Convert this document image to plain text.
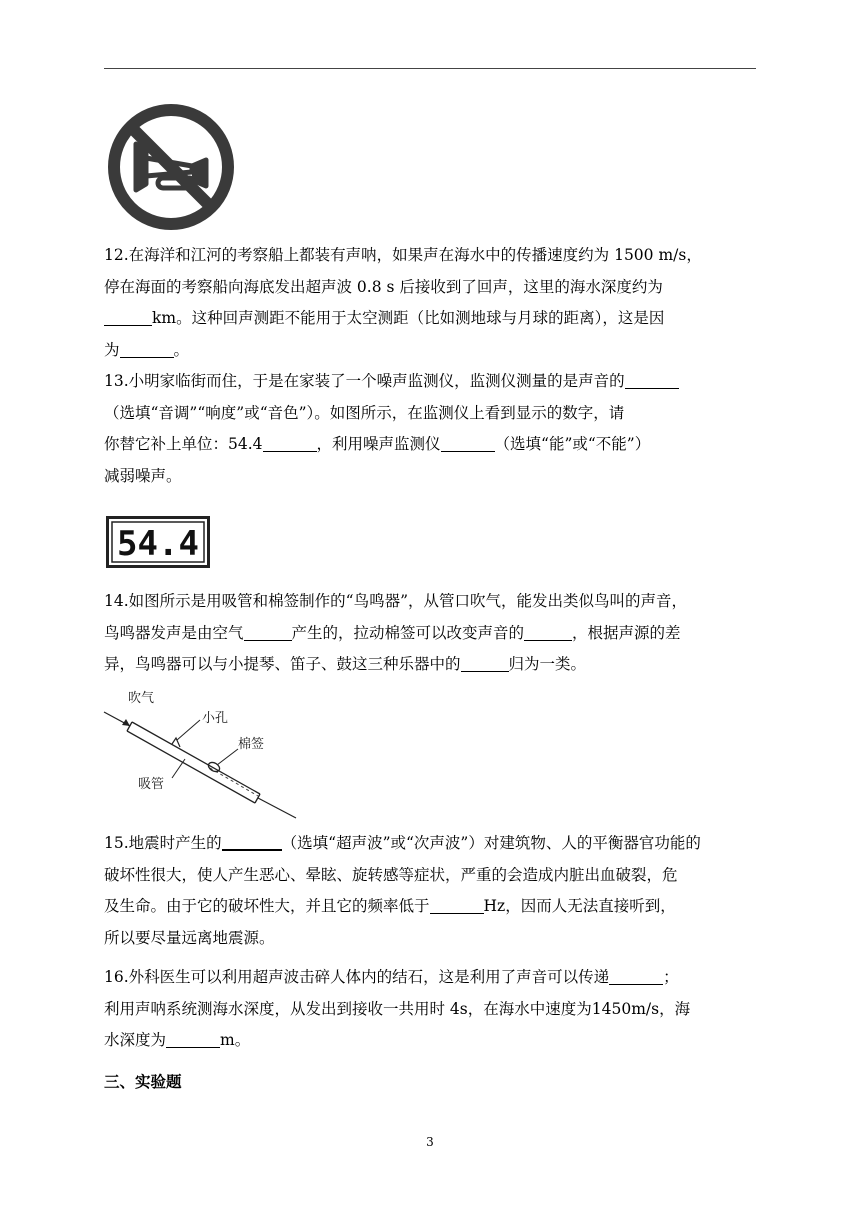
12.在海洋和江河的考察船上都装有声呐，如果声在海水中的传播速度约为 1500 m/s，
停在海面的考察船向海底发出超声波 0.8 s 后接收到了回声，这里的海水深度约为
km。这种回声测距不能用于太空测距（比如测地球与月球的距离），这是因
为	。
13.小明家临街而住，于是在家装了一个噪声监测仪，监测仪测量的是声音的
（选填“音调”“响度”或“音色”）。如图所示，在监测仪上看到显示的数字，请
你替它补上单位：54.4	，利用噪声监测仪	（选填“能”或“不能”）
减弱噪声。
54.4
14.如图所示是用吸管和棉签制作的“鸟鸣器”，从管口吹气，能发出类似鸟叫的声音，
鸟鸣器发声是由空气	产生的，拉动棉签可以改变声音的	，根据声源的差
异，鸟鸣器可以与小提琴、笛子、鼓这三种乐器中的	归为一类。
吹气
小孔
棉签
吸管
15.地震时产生的	（选填“超声波”或“次声波”）对建筑物、人的平衡器官功能的
破坏性很大，使人产生恶心、晕眩、旋转感等症状，严重的会造成内脏出血破裂，危
及生命。由于它的破坏性大，并且它的频率低于	Hz，因而人无法直接听到，
所以要尽量远离地震源。
16.外科医生可以利用超声波击碎人体内的结石，这是利用了声音可以传递	；
利用声呐系统测海水深度，从发出到接收一共用时 4s，在海水中速度为1450m/s，海
水深度为	m。
三、实验题
3
